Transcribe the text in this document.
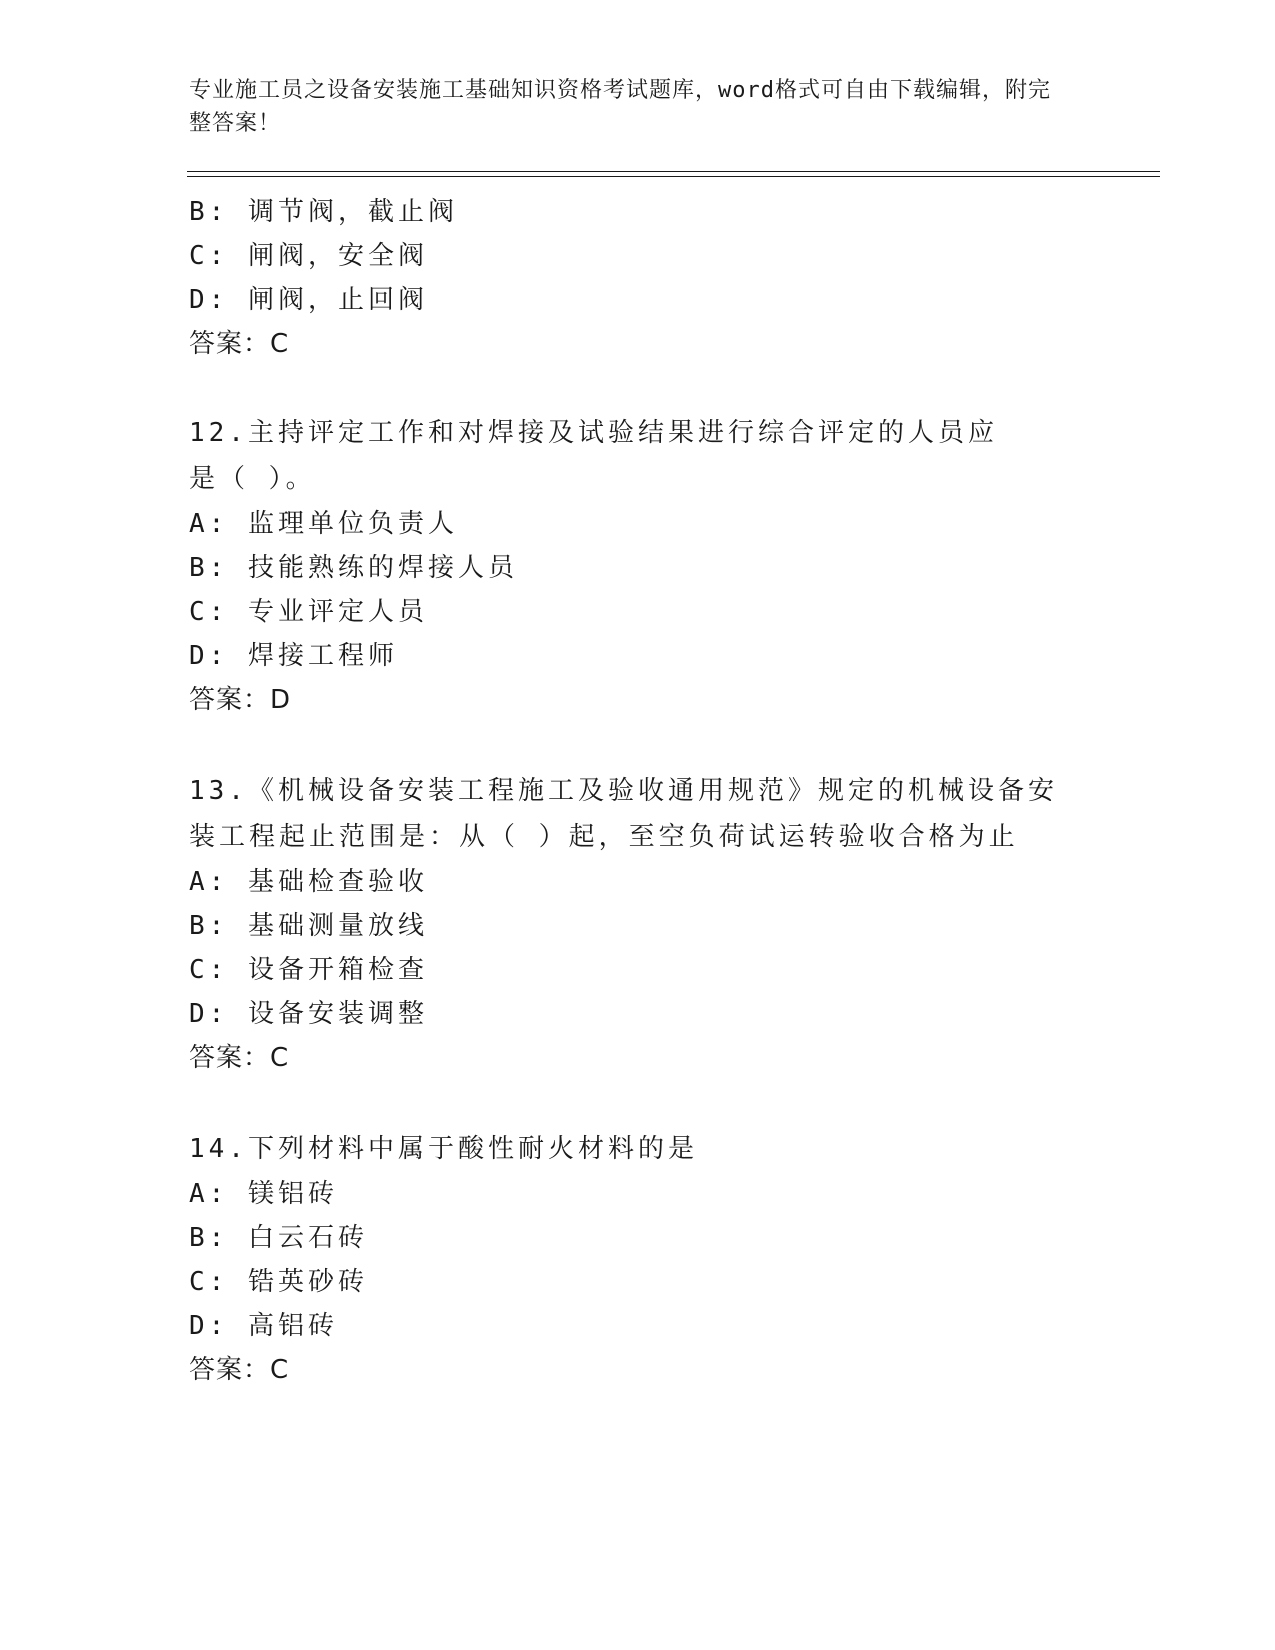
专业施工员之设备安装施工基础知识资格考试题库，word格式可自由下载编辑，附完整答案！
B: 调节阀，截止阀
C: 闸阀，安全阀
D: 闸阀，止回阀
答案：C
12.主持评定工作和对焊接及试验结果进行综合评定的人员应是（ ）。
A: 监理单位负责人
B: 技能熟练的焊接人员
C: 专业评定人员
D: 焊接工程师
答案：D
13.《机械设备安装工程施工及验收通用规范》规定的机械设备安装工程起止范围是：从（ ）起，至空负荷试运转验收合格为止
A: 基础检查验收
B: 基础测量放线
C: 设备开箱检查
D: 设备安装调整
答案：C
14.下列材料中属于酸性耐火材料的是
A: 镁铝砖
B: 白云石砖
C: 锆英砂砖
D: 高铝砖
答案：C
